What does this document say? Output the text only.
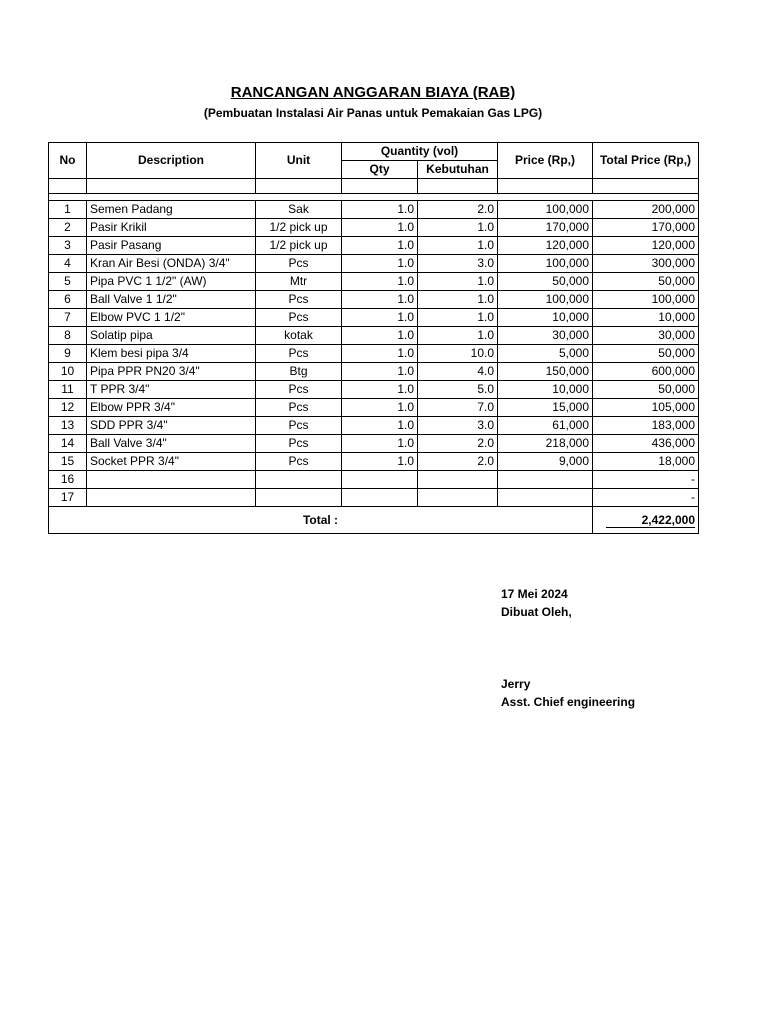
RANCANGAN ANGGARAN BIAYA (RAB)
(Pembuatan Instalasi Air Panas untuk Pemakaian Gas LPG)
No	Description	Unit	Quantity (vol)		Price (Rp,)	Total Price (Rp,)
			Qty	Kebutuhan		

1	Semen Padang	Sak	1.0	2.0	100,000	200,000
2	Pasir Krikil	1/2 pick up	1.0	1.0	170,000	170,000
3	Pasir Pasang	1/2 pick up	1.0	1.0	120,000	120,000
4	Kran Air Besi (ONDA) 3/4"	Pcs	1.0	3.0	100,000	300,000
5	Pipa PVC 1 1/2" (AW)	Mtr	1.0	1.0	50,000	50,000
6	Ball Valve 1 1/2"	Pcs	1.0	1.0	100,000	100,000
7	Elbow PVC 1 1/2"	Pcs	1.0	1.0	10,000	10,000
8	Solatip pipa	kotak	1.0	1.0	30,000	30,000
9	Klem besi pipa 3/4	Pcs	1.0	10.0	5,000	50,000
10	Pipa PPR PN20 3/4"	Btg	1.0	4.0	150,000	600,000
11	T PPR 3/4"	Pcs	1.0	5.0	10,000	50,000
12	Elbow PPR 3/4"	Pcs	1.0	7.0	15,000	105,000
13	SDD PPR 3/4"	Pcs	1.0	3.0	61,000	183,000
14	Ball Valve 3/4"	Pcs	1.0	2.0	218,000	436,000
15	Socket PPR 3/4"	Pcs	1.0	2.0	9,000	18,000
16						-
17						-
Total :						2,422,000
17 Mei 2024
Dibuat Oleh,
Jerry
Asst. Chief engineering
